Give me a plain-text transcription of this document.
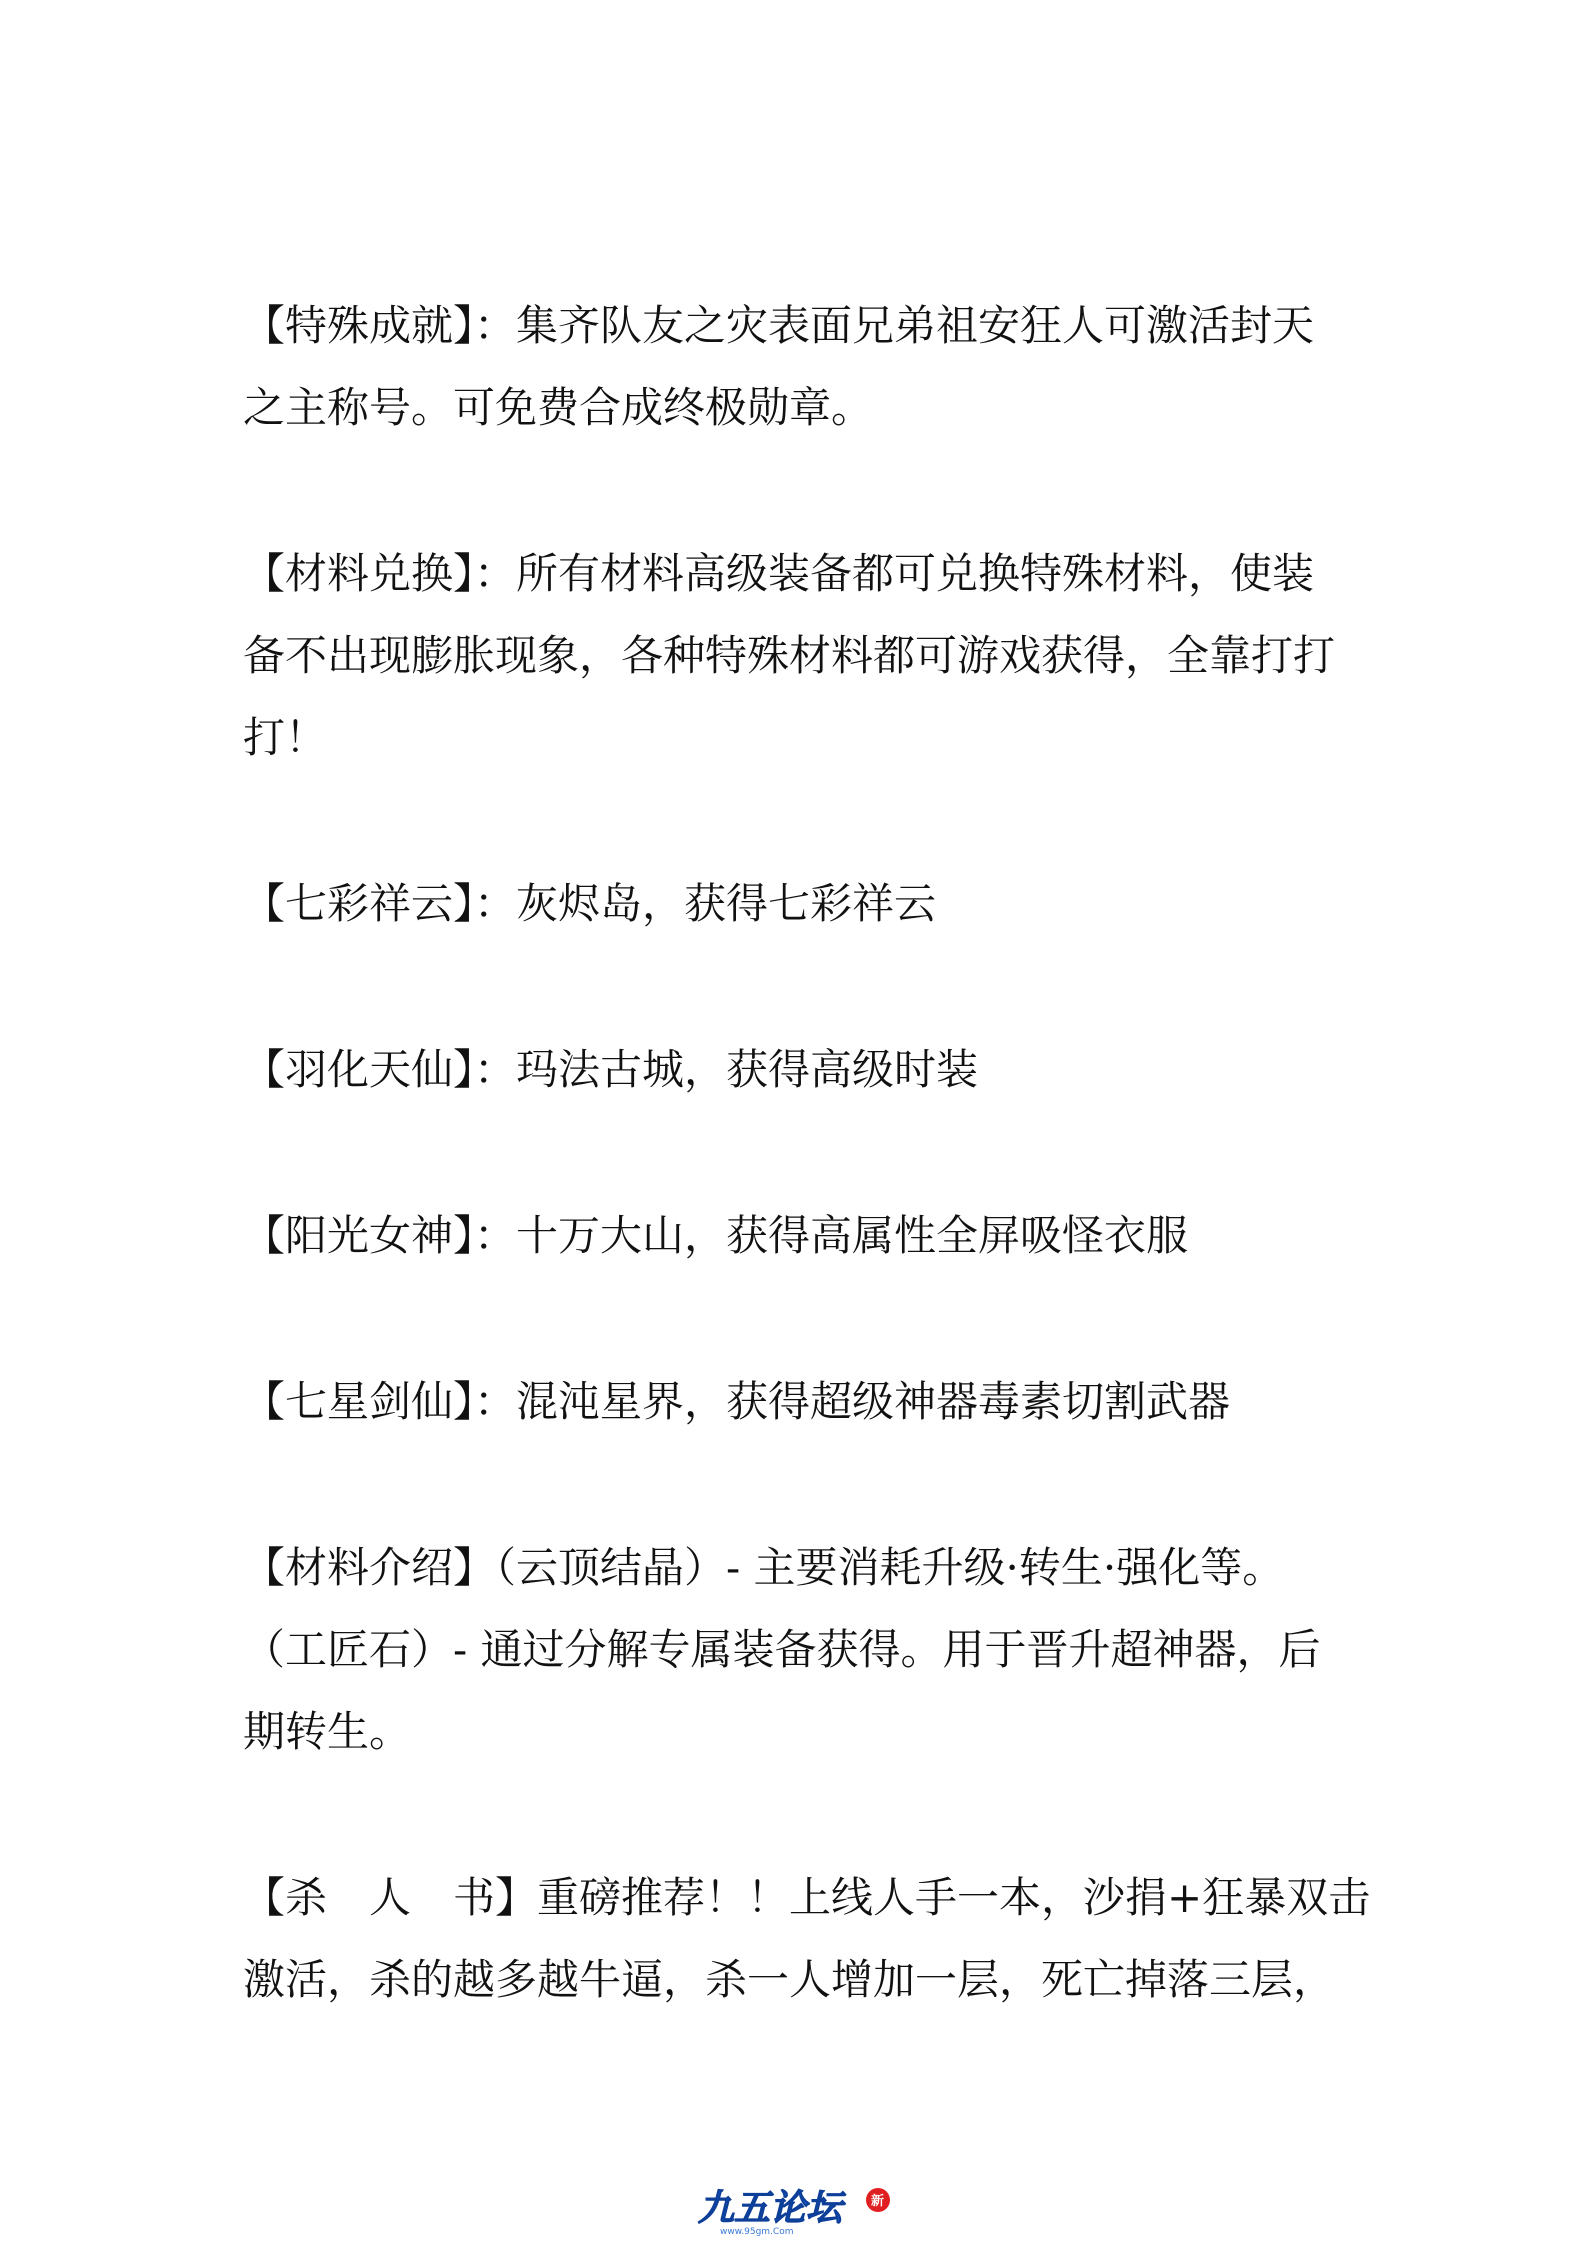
【特殊成就】：集齐队友之灾表面兄弟祖安狂人可激活封天
之主称号。可免费合成终极勋章。

【材料兑换】：所有材料高级装备都可兑换特殊材料，使装
备不出现膨胀现象，各种特殊材料都可游戏获得，全靠打打
打！

【七彩祥云】：灰烬岛，获得七彩祥云

【羽化天仙】：玛法古城，获得高级时装

【阳光女神】：十万大山，获得高属性全屏吸怪衣服

【七星剑仙】：混沌星界，获得超级神器毒素切割武器

【材料介绍】（云顶结晶）- 主要消耗升级·转生·强化等。
（工匠石）- 通过分解专属装备获得。用于晋升超神器，后
期转生。

【杀　人　书】重磅推荐！！上线人手一本，沙捐+狂暴双击
激活，杀的越多越牛逼，杀一人增加一层，死亡掉落三层，

九五论坛
www.95gm.Com
新
